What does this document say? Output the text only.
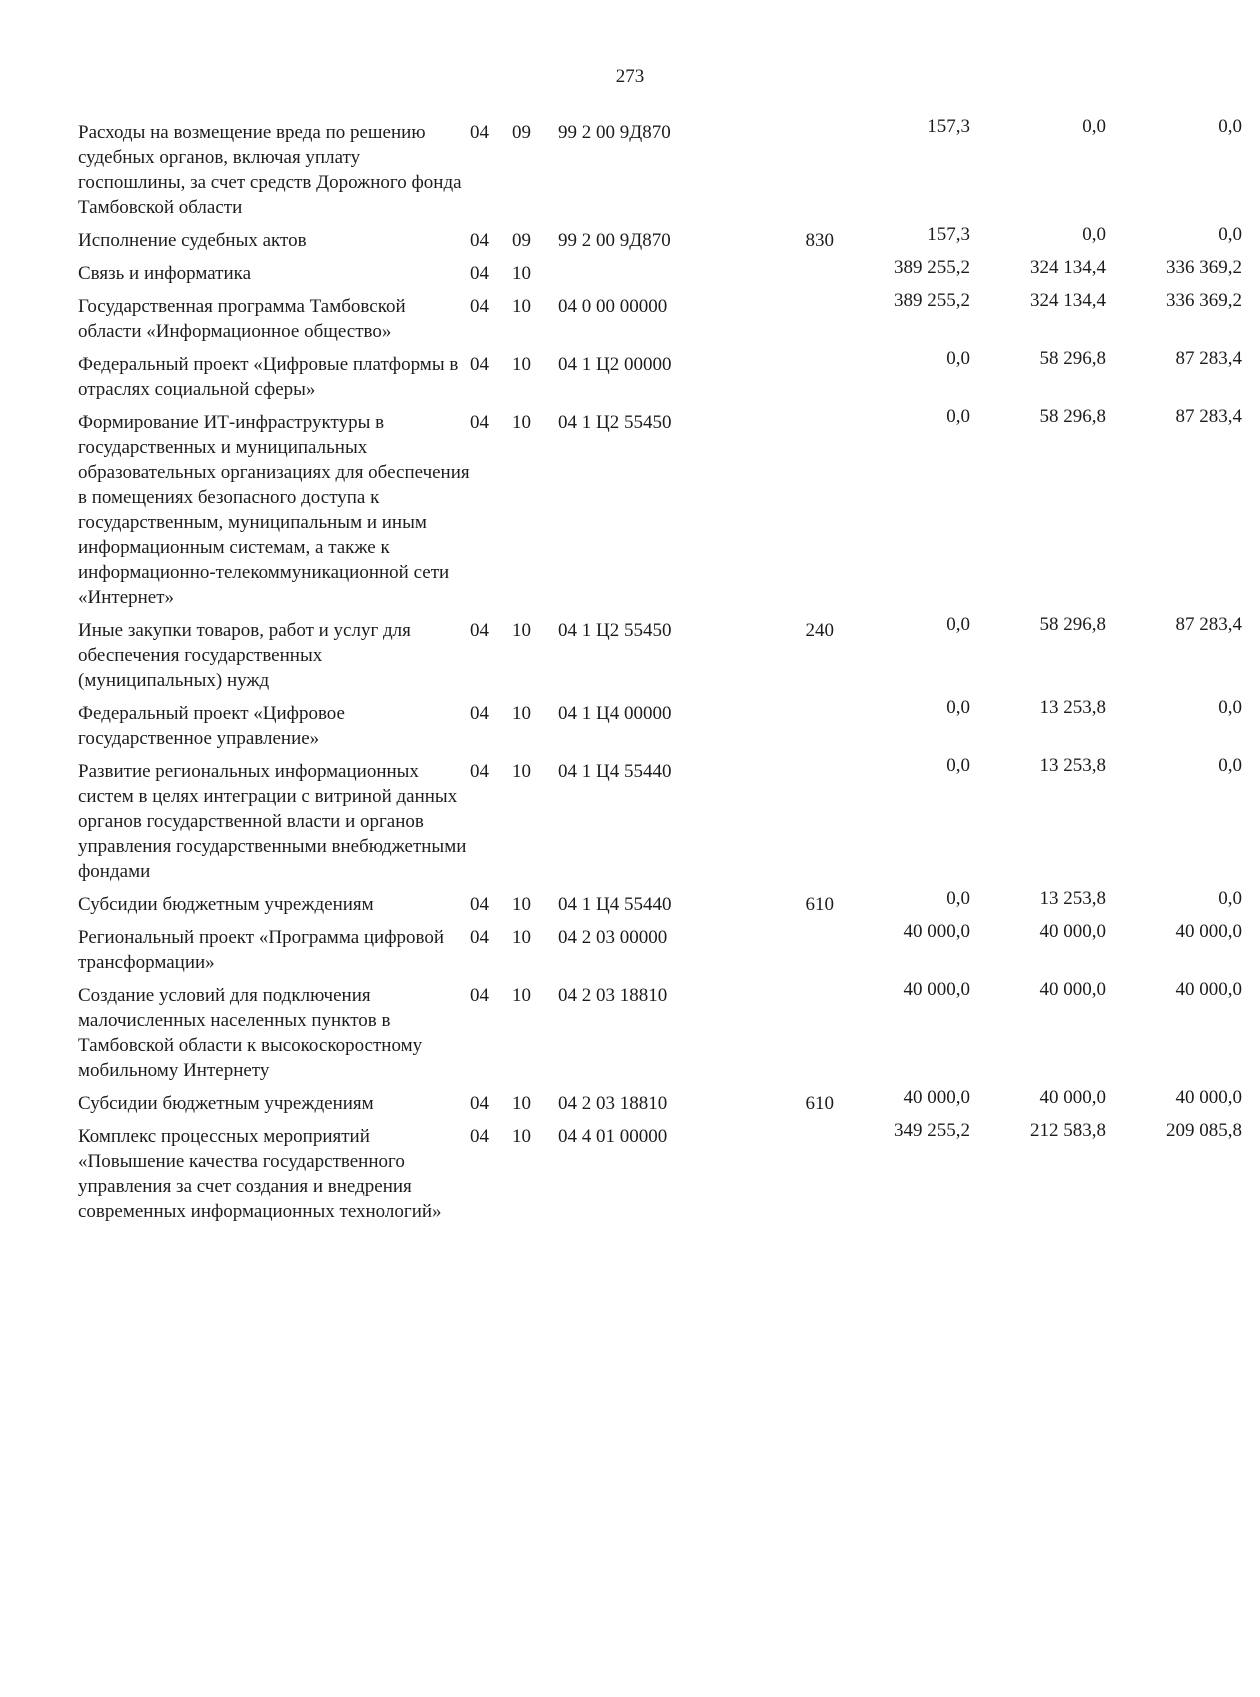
273
Расходы на возмещение вреда по решению судебных органов, включая уплату госпошлины, за счет средств Дорожного фонда Тамбовской области	04	09	99 2 00 9Д870		157,3	0,0	0,0
Исполнение судебных актов	04	09	99 2 00 9Д870	830	157,3	0,0	0,0
Связь и информатика	04	10			389 255,2	324 134,4	336 369,2
Государственная программа Тамбовской области «Информационное общество»	04	10	04 0 00 00000		389 255,2	324 134,4	336 369,2
Федеральный проект «Цифровые платформы в отраслях социальной сферы»	04	10	04 1 Ц2 00000		0,0	58 296,8	87 283,4
Формирование ИТ-инфраструктуры в государственных и муниципальных образовательных организациях для обеспечения в помещениях безопасного доступа к государственным, муниципальным и иным информационным системам, а также к информационно-телекоммуникационной сети «Интернет»	04	10	04 1 Ц2 55450		0,0	58 296,8	87 283,4
Иные закупки товаров, работ и услуг для обеспечения государственных (муниципальных) нужд	04	10	04 1 Ц2 55450	240	0,0	58 296,8	87 283,4
Федеральный проект «Цифровое государственное управление»	04	10	04 1 Ц4 00000		0,0	13 253,8	0,0
Развитие региональных информационных систем в целях интеграции с витриной данных органов государственной власти и органов управления государственными внебюджетными фондами	04	10	04 1 Ц4 55440		0,0	13 253,8	0,0
Субсидии бюджетным учреждениям	04	10	04 1 Ц4 55440	610	0,0	13 253,8	0,0
Региональный проект «Программа цифровой трансформации»	04	10	04 2 03 00000		40 000,0	40 000,0	40 000,0
Создание условий для подключения малочисленных населенных пунктов в Тамбовской области к высокоскоростному мобильному Интернету	04	10	04 2 03 18810		40 000,0	40 000,0	40 000,0
Субсидии бюджетным учреждениям	04	10	04 2 03 18810	610	40 000,0	40 000,0	40 000,0
Комплекс процессных мероприятий «Повышение качества государственного управления за счет создания и внедрения современных информационных технологий»	04	10	04 4 01 00000		349 255,2	212 583,8	209 085,8
